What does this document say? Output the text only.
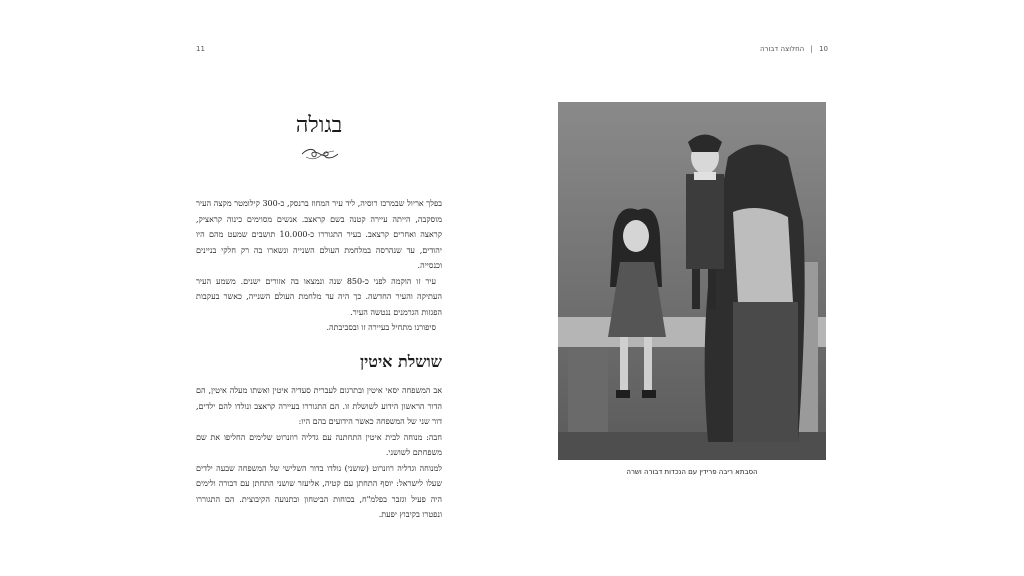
11
בגולה

בפלך אריול שבמרכז רוסיה, ליד עיר המחוז ברנסק, כ-300 קילומטר מקצה העיר מוסקבה, הייתה עיירה קטנה בשם קראצב. אנשים מסוימים כינוה קראציק, קראצה ואחרים קרצאב. בעיר התגוררו כ-10.000 תושבים שמעט מהם היו יהודים, עד שנהרסה במלחמת העולם השנייה ונשארו בה רק חלקי בניינים וכנסייה.

עיר זו הוקמה לפני כ-850 שנה ונמצאו בה אזורים ישנים. משמע העיר העתיקה והעיר החדשה. כך היה עד מלחמת העולם השנייה, כאשר בעקבות הפגזות הגרמנים ננטשה העיר.

סיפורנו מתחיל בעיירה זו ובסביבתה.

שושלת איטין

אב המשפחה יסאי איטין ובתרגום לעברית סעדיה איטין ואשתו מעלה איטין, הם הדור הראשון הידוע לשושלת זו. הם התגוררו בעיירה קראצב ונולדו להם ילדים, דור שני של המשפחה כאשר הידועים בהם היו:

חבה: מנוחה לבית איטין התחתנה עם גדליה רוזנרוט שלימים החליפו את שם משפחתם לשושני.

למנוחה וגדליה רוזנרוט (שושני) נולדו בדור השלישי של המשפחה שבעה ילדים שעלו לישראל: יוסף התחתן עם קטיה, אליעזר שושני התחתן עם דבורה ולימים היה פעיל וגזבר בפלמ"ח, בכוחות הביטחון ובתנועה הקיבוצית. הם התגוררו ונפטרו בקיבוץ יפעת.

10 | החלוצה דבורה
הסבתא ריבה פרידין עם הנכדות דבורה ושרה
